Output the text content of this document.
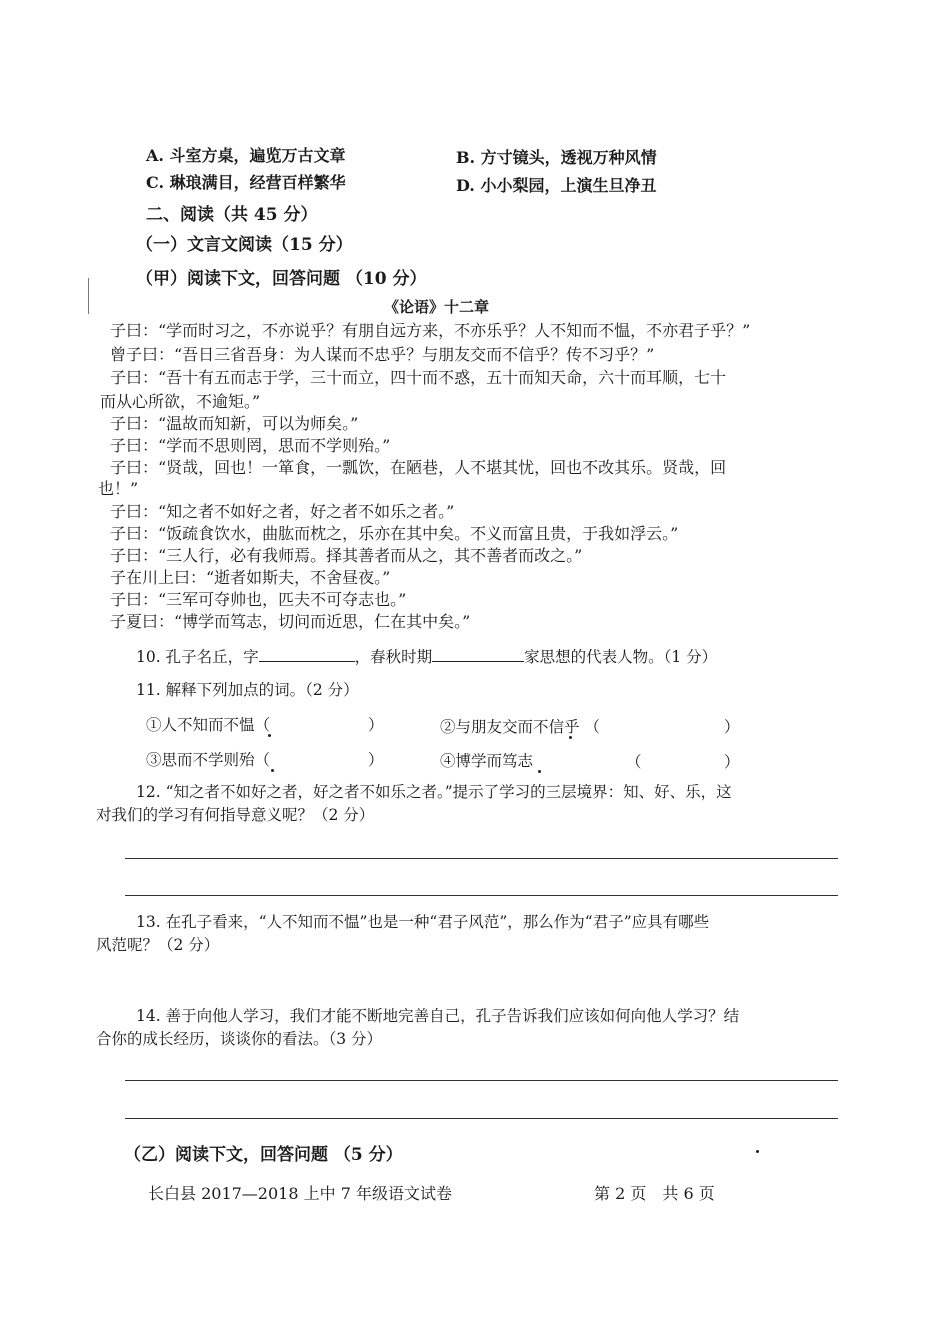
A. 斗室方桌，遍览万古文章	B. 方寸镜头，透视万种风情
C. 琳琅满目，经营百样繁华	D. 小小梨园，上演生旦净丑
二、阅读（共 45 分）
（一）文言文阅读（15 分）
（甲）阅读下文，回答问题 （10 分）
《论语》十二章
子曰：“学而时习之，不亦说乎？有朋自远方来，不亦乐乎？人不知而不愠，不亦君子乎？”
曾子曰：“吾日三省吾身：为人谋而不忠乎？与朋友交而不信乎？传不习乎？”
子曰：“吾十有五而志于学，三十而立，四十而不惑，五十而知天命，六十而耳顺，七十
而从心所欲，不逾矩。”
子曰：“温故而知新，可以为师矣。”
子曰：“学而不思则罔，思而不学则殆。”
子曰：“贤哉，回也！一箪食，一瓢饮，在陋巷，人不堪其忧，回也不改其乐。贤哉，回
也！”
子曰：“知之者不如好之者，好之者不如乐之者。”
子曰：“饭疏食饮水，曲肱而枕之，乐亦在其中矣。不义而富且贵，于我如浮云。”
子曰：“三人行，必有我师焉。择其善者而从之，其不善者而改之。”
子在川上曰：“逝者如斯夫，不舍昼夜。”
子曰：“三军可夺帅也，匹夫不可夺志也。”
子夏曰：“博学而笃志，切问而近思，仁在其中矣。”
10. 孔子名丘，字	，春秋时期	家思想的代表人物。（1 分）
11. 解释下列加点的词。（2 分）
①人不知而不愠（	）	②与朋友交而不信乎 （	）
③思而不学则殆（	）	④博学而笃志	（	）
12. “知之者不如好之者，好之者不如乐之者。”提示了学习的三层境界：知、好、乐，这
对我们的学习有何指导意义呢？（2 分）
13. 在孔子看来，“人不知而不愠”也是一种“君子风范”，那么作为“君子”应具有哪些
风范呢？（2 分）
14. 善于向他人学习，我们才能不断地完善自己，孔子告诉我们应该如何向他人学习？结
合你的成长经历，谈谈你的看法。（3 分）
（乙）阅读下文，回答问题 （5 分）
长白县 2017—2018 上中 7 年级语文试卷	第 2 页　共 6 页
